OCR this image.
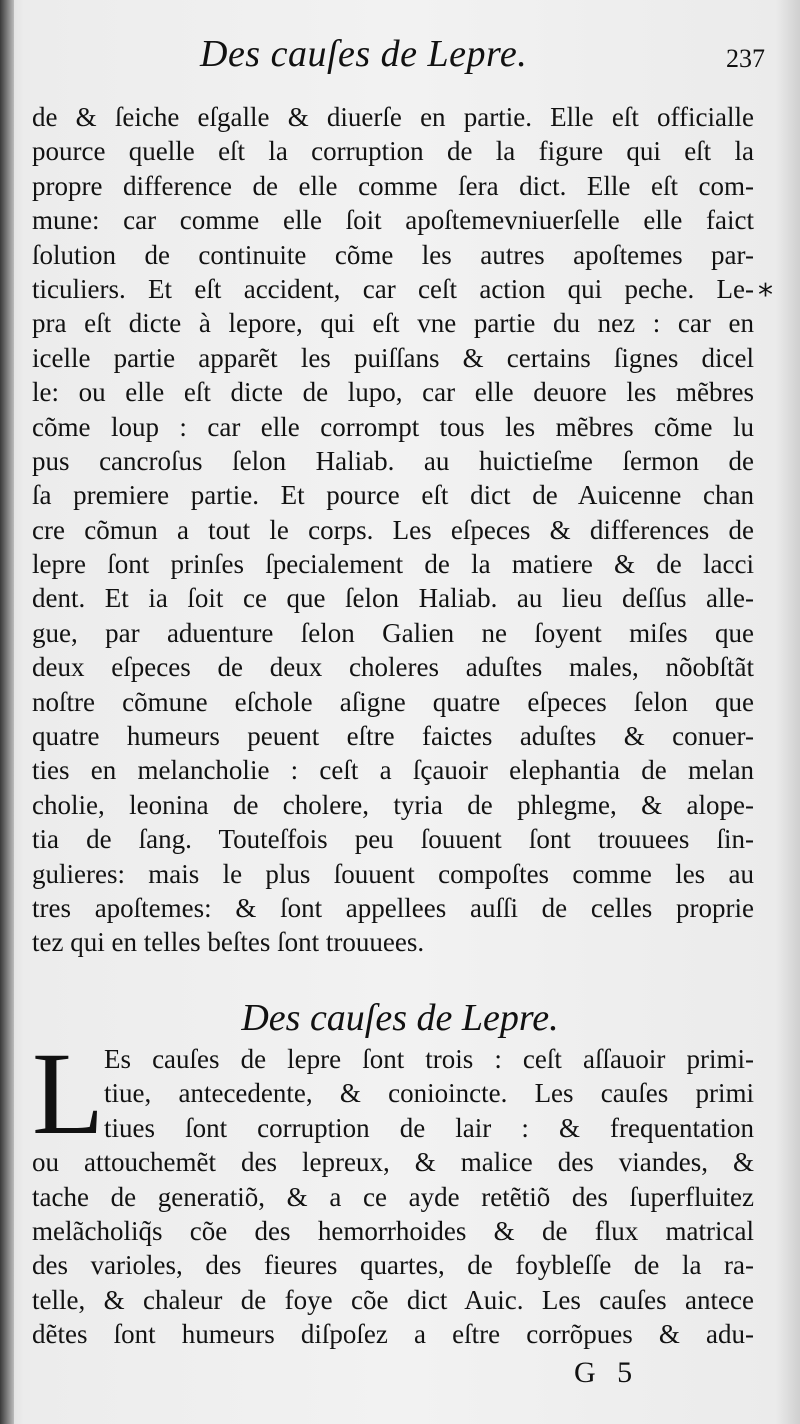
Des cauſes de Lepre.	237
*
de & ſeiche eſgalle & diuerſe en partie. Elle eſt officialle
pource quelle eſt la corruption de la figure qui eſt la
propre difference de elle comme ſera dict. Elle eſt com-
mune: car comme elle ſoit apoſtemevniuerſelle elle faict
ſolution de continuite cõme les autres apoſtemes par-
ticuliers. Et eſt accident, car ceſt action qui peche. Le-
pra eſt dicte à lepore, qui eſt vne partie du nez : car en
icelle partie apparẽt les puiſſans & certains ſignes dicel
le: ou elle eſt dicte de lupo, car elle deuore les mẽbres
cõme loup : car elle corrompt tous les mẽbres cõme lu
pus cancroſus ſelon Haliab. au huictieſme ſermon de
ſa premiere partie. Et pource eſt dict de Auicenne chan
cre cõmun a tout le corps. Les eſpeces & differences de
lepre ſont prinſes ſpecialement de la matiere & de lacci
dent. Et ia ſoit ce que ſelon Haliab. au lieu deſſus alle-
gue, par aduenture ſelon Galien ne ſoyent miſes que
deux eſpeces de deux choleres aduſtes males, nõobſtãt
noſtre cõmune eſchole aſigne quatre eſpeces ſelon que
quatre humeurs peuent eſtre faictes aduſtes & conuer-
ties en melancholie : ceſt a ſçauoir elephantia de melan
cholie, leonina de cholere, tyria de phlegme, & alope-
tia de ſang. Touteſfois peu ſouuent ſont trouuees ſin-
gulieres: mais le plus ſouuent compoſtes comme les au
tres apoſtemes: & ſont appellees auſſi de celles proprie
tez qui en telles beſtes ſont trouuees.
Des cauſes de Lepre.
L Es cauſes de lepre ſont trois : ceſt aſſauoir primi-
tiue, antecedente, & conioincte. Les cauſes primi
tiues ſont corruption de lair : & frequentation
ou attouchemẽt des lepreux, & malice des viandes, &
tache de generatiõ, & a ce ayde retẽtiõ des ſuperfluitez
melãcholiq̃s cõe des hemorrhoides & de flux matrical
des varioles, des fieures quartes, de foybleſſe de la ra-
telle, & chaleur de foye cõe dict Auic. Les cauſes antece
dẽtes ſont humeurs diſpoſez a eſtre corrõpues & adu-
G 5
